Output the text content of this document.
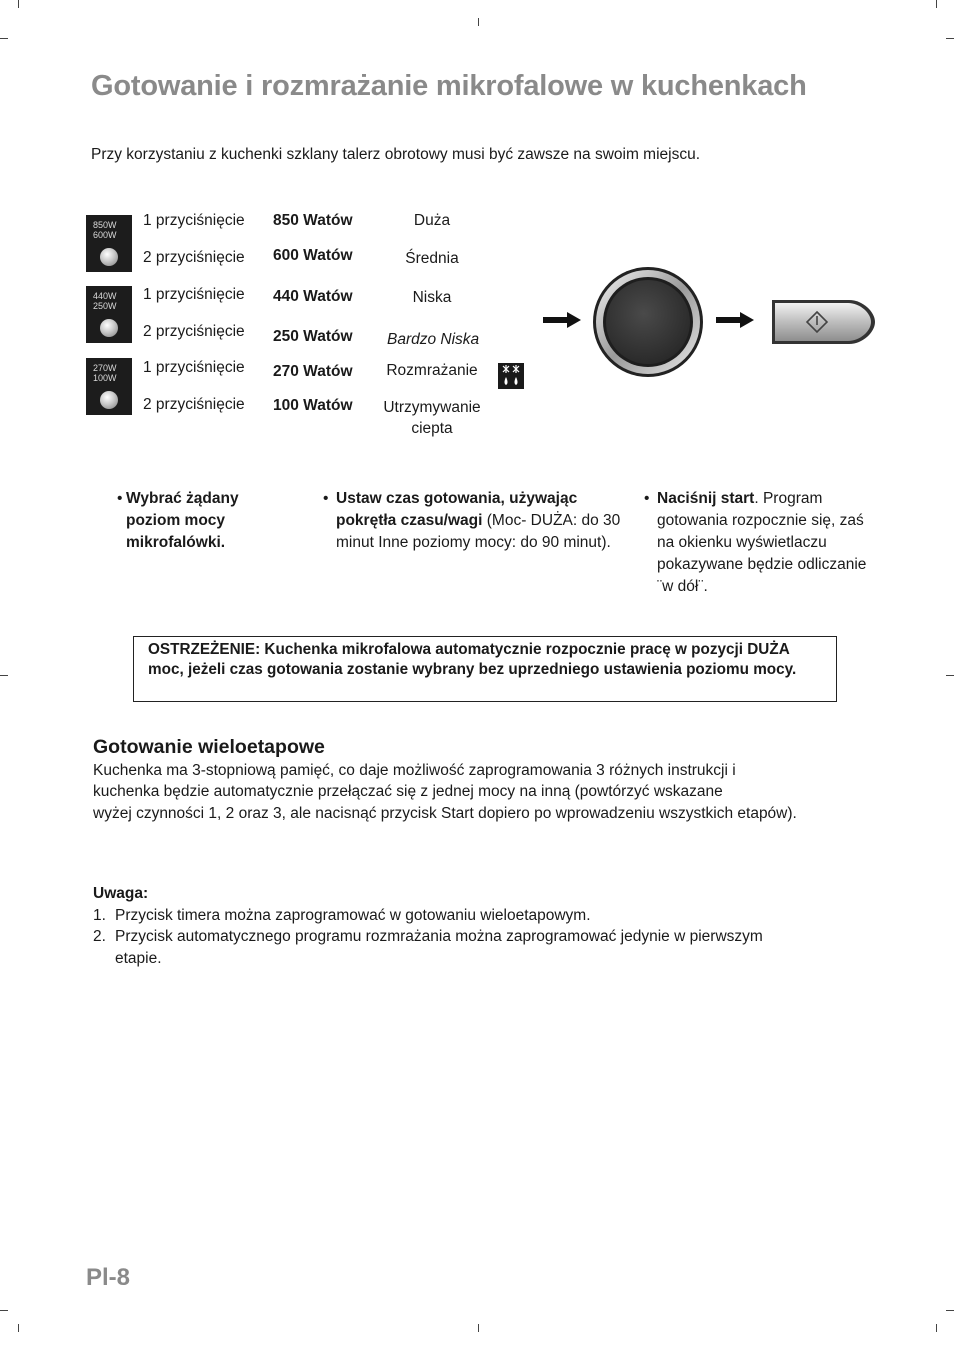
Gotowanie i rozmrażanie mikrofalowe w kuchenkach
Przy korzystaniu z kuchenki szklany talerz obrotowy musi być zawsze na swoim miejscu.
850W
600W
440W
250W
270W
100W
1 przyciśnięcie 850 Watów	Duża
2 przyciśnięcie 600 Watów	Średnia
1 przyciśnięcie 440 Watów	Niska
2 przyciśnięcie 250 Watów Bardzo Niska
1 przyciśnięcie 270 Watów	Rozmrażanie
2 przyciśnięcie 100 Watów	Utrzymywanie
ciepta
• Wybrać żądany poziom mocy mikrofalówki.
• Ustaw czas gotowania, używając pokrętła czasu/wagi (Moc- DUŻA: do 30 minut Inne poziomy mocy: do 90 minut).
• Naciśnij start. Program gotowania rozpocznie się, zaś na okienku wyświetlaczu pokazywane będzie odliczanie ¨w dół¨.
OSTRZEŻENIE: Kuchenka mikrofalowa automatycznie rozpocznie pracę w pozycji DUŻA moc, jeżeli czas gotowania zostanie wybrany bez uprzedniego ustawienia poziomu mocy.
Gotowanie wieloetapowe
Kuchenka ma 3-stopniową pamięć, co daje możliwość zaprogramowania 3 różnych instrukcji i
kuchenka będzie automatycznie przełączać się z jednej mocy na inną (powtórzyć wskazane
wyżej czynności 1, 2 oraz 3, ale nacisnąć przycisk Start dopiero po wprowadzeniu wszystkich etapów).
Uwaga:
1. Przycisk timera można zaprogramować w gotowaniu wieloetapowym.
2. Przycisk automatycznego programu rozmrażania można zaprogramować jedynie w pierwszym
etapie.
Pl-8
